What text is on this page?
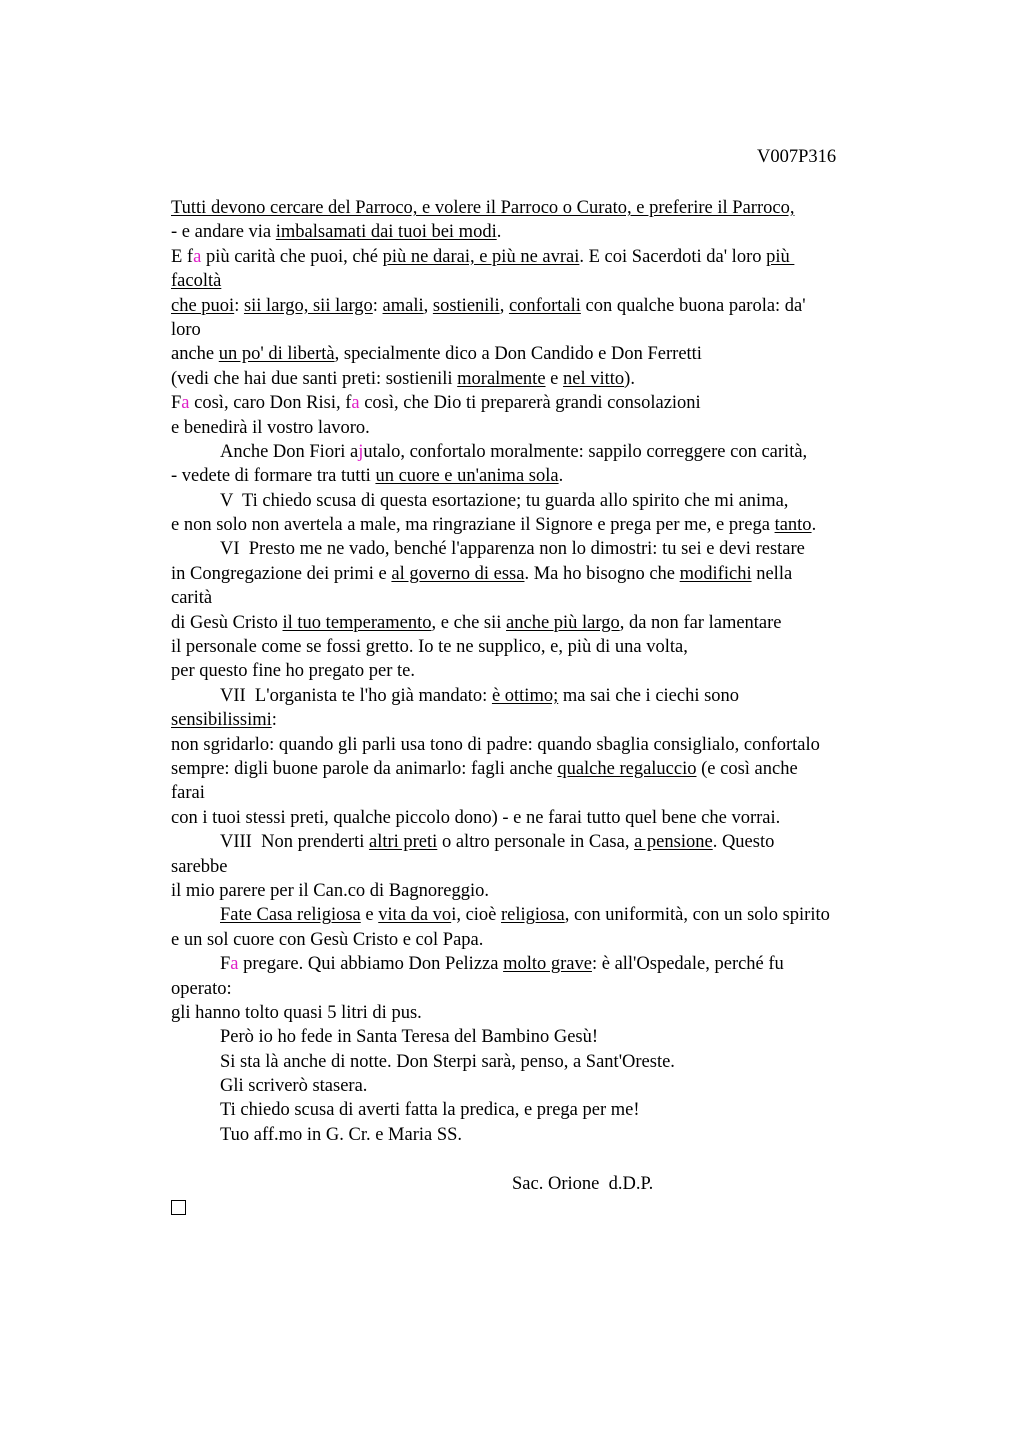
V007P316
Tutti devono cercare del Parroco, e volere il Parroco o Curato, e preferire il Parroco,
- e andare via imbalsamati dai tuoi bei modi.
E fa più carità che puoi, ché più ne darai, e più ne avrai. E coi Sacerdoti da' loro più
facoltà
che puoi: sii largo, sii largo: amali, sostienili, confortali con qualche buona parola: da'
loro
anche un po' di libertà, specialmente dico a Don Candido e Don Ferretti
(vedi che hai due santi preti: sostienili moralmente e nel vitto).
Fa così, caro Don Risi, fa così, che Dio ti preparerà grandi consolazioni
e benedirà il vostro lavoro.
Anche Don Fiori ajutalo, confortalo moralmente: sappilo correggere con carità,
- vedete di formare tra tutti un cuore e un'anima sola.
V  Ti chiedo scusa di questa esortazione; tu guarda allo spirito che mi anima,
e non solo non avertela a male, ma ringraziane il Signore e prega per me, e prega tanto.
VI  Presto me ne vado, benché l'apparenza non lo dimostri: tu sei e devi restare
in Congregazione dei primi e al governo di essa. Ma ho bisogno che modifichi nella
carità
di Gesù Cristo il tuo temperamento, e che sii anche più largo, da non far lamentare
il personale come se fossi gretto. Io te ne supplico, e, più di una volta,
per questo fine ho pregato per te.
VII  L'organista te l'ho già mandato: è ottimo; ma sai che i ciechi sono
sensibilissimi:
non sgridarlo: quando gli parli usa tono di padre: quando sbaglia consiglialo, confortalo
sempre: digli buone parole da animarlo: fagli anche qualche regaluccio (e così anche
farai
con i tuoi stessi preti, qualche piccolo dono) - e ne farai tutto quel bene che vorrai.
VIII  Non prenderti altri preti o altro personale in Casa, a pensione. Questo
sarebbe
il mio parere per il Can.co di Bagnoreggio.
Fate Casa religiosa e vita da voi, cioè religiosa, con uniformità, con un solo spirito
e un sol cuore con Gesù Cristo e col Papa.
Fa pregare. Qui abbiamo Don Pelizza molto grave: è all'Ospedale, perché fu
operato:
gli hanno tolto quasi 5 litri di pus.
Però io ho fede in Santa Teresa del Bambino Gesù!
Si sta là anche di notte. Don Sterpi sarà, penso, a Sant'Oreste.
Gli scriverò stasera.
Ti chiedo scusa di averti fatta la predica, e prega per me!
Tuo aff.mo in G. Cr. e Maria SS.
Sac. Orione  d.D.P.
